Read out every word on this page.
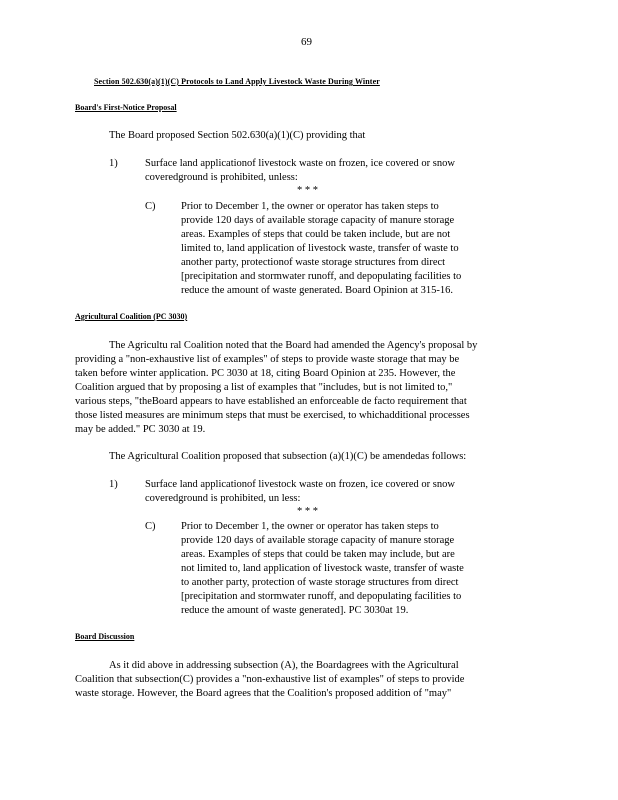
69
Section 502.630(a)(1)(C) Protocols to Land Apply Livestock Waste During Winter
Board's First-Notice Proposal
The Board proposed Section 502.630(a)(1)(C) providing that
1)	Surface land applicationof livestock waste on frozen, ice covered or snow
coveredground is prohibited, unless:
* * *
C) Prior to December 1, the owner or operator has taken steps to
provide 120 days of available storage capacity of manure storage
areas. Examples of steps that could be taken include, but are not
limited to, land application of livestock waste, transfer of waste to
another party, protectionof waste storage structures from direct
[precipitation and stormwater runoff, and depopulating facilities to
reduce the amount of waste generated. Board Opinion at 315-16.
Agricultural Coalition (PC 3030)
The Agricultu ral Coalition noted that the Board had amended the Agency's proposal by
providing a "non-exhaustive list of examples" of steps to provide waste storage that may be
taken before winter application. PC 3030 at 18, citing Board Opinion at 235. However, the
Coalition argued that by proposing a list of examples that "includes, but is not limited to,"
various steps, "theBoard appears to have established an enforceable de facto requirement that
those listed measures are minimum steps that must be exercised, to whichadditional processes
may be added." PC 3030 at 19.
The Agricultural Coalition proposed that subsection (a)(1)(C) be amendedas follows:
1)	Surface land applicationof livestock waste on frozen, ice covered or snow
coveredground is prohibited, un less:
* * *
C) Prior to December 1, the owner or operator has taken steps to
provide 120 days of available storage capacity of manure storage
areas. Examples of steps that could be taken may include, but are
not limited to, land application of livestock waste, transfer of waste
to another party, protection of waste storage structures from direct
[precipitation and stormwater runoff, and depopulating facilities to
reduce the amount of waste generated]. PC 3030at 19.
Board Discussion
As it did above in addressing subsection (A), the Boardagrees with the Agricultural
Coalition that subsection(C) provides a "non-exhaustive list of examples" of steps to provide
waste storage. However, the Board agrees that the Coalition's proposed addition of "may"
